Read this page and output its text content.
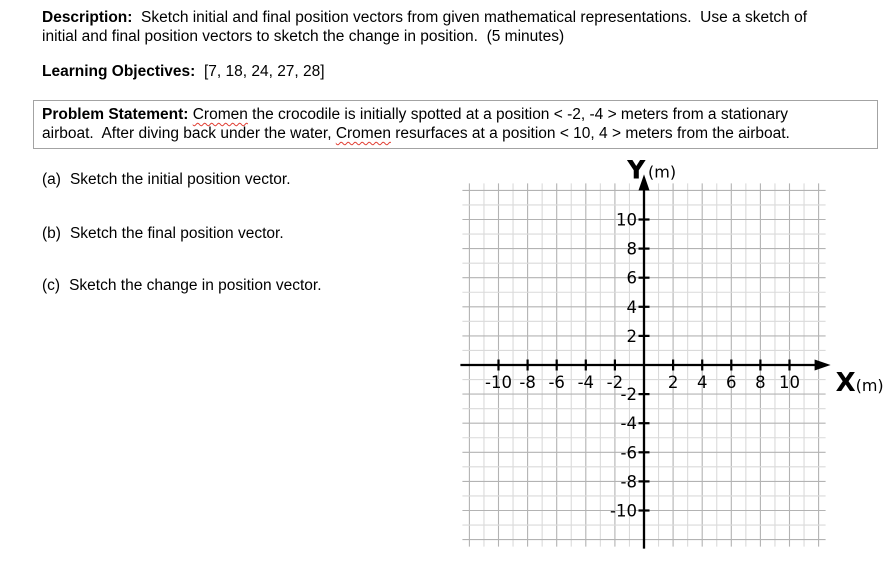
Description:  Sketch initial and final position vectors from given mathematical representations.  Use a sketch of
initial and final position vectors to sketch the change in position.  (5 minutes)
Learning Objectives:  [7, 18, 24, 27, 28]
Problem Statement: Cromen the crocodile is initially spotted at a position < -2, -4 > meters from a stationary
airboat.  After diving back under the water, Cromen resurfaces at a position < 10, 4 > meters from the airboat.
(a) Sketch the initial position vector.
(b) Sketch the final position vector.
(c) Sketch the change in position vector.
-10 -8 -6 -4 -2	2 4 6 8 10
10
8
6
4
2
-2
-4
-6
-8
-10
Y (m)
X (m)
